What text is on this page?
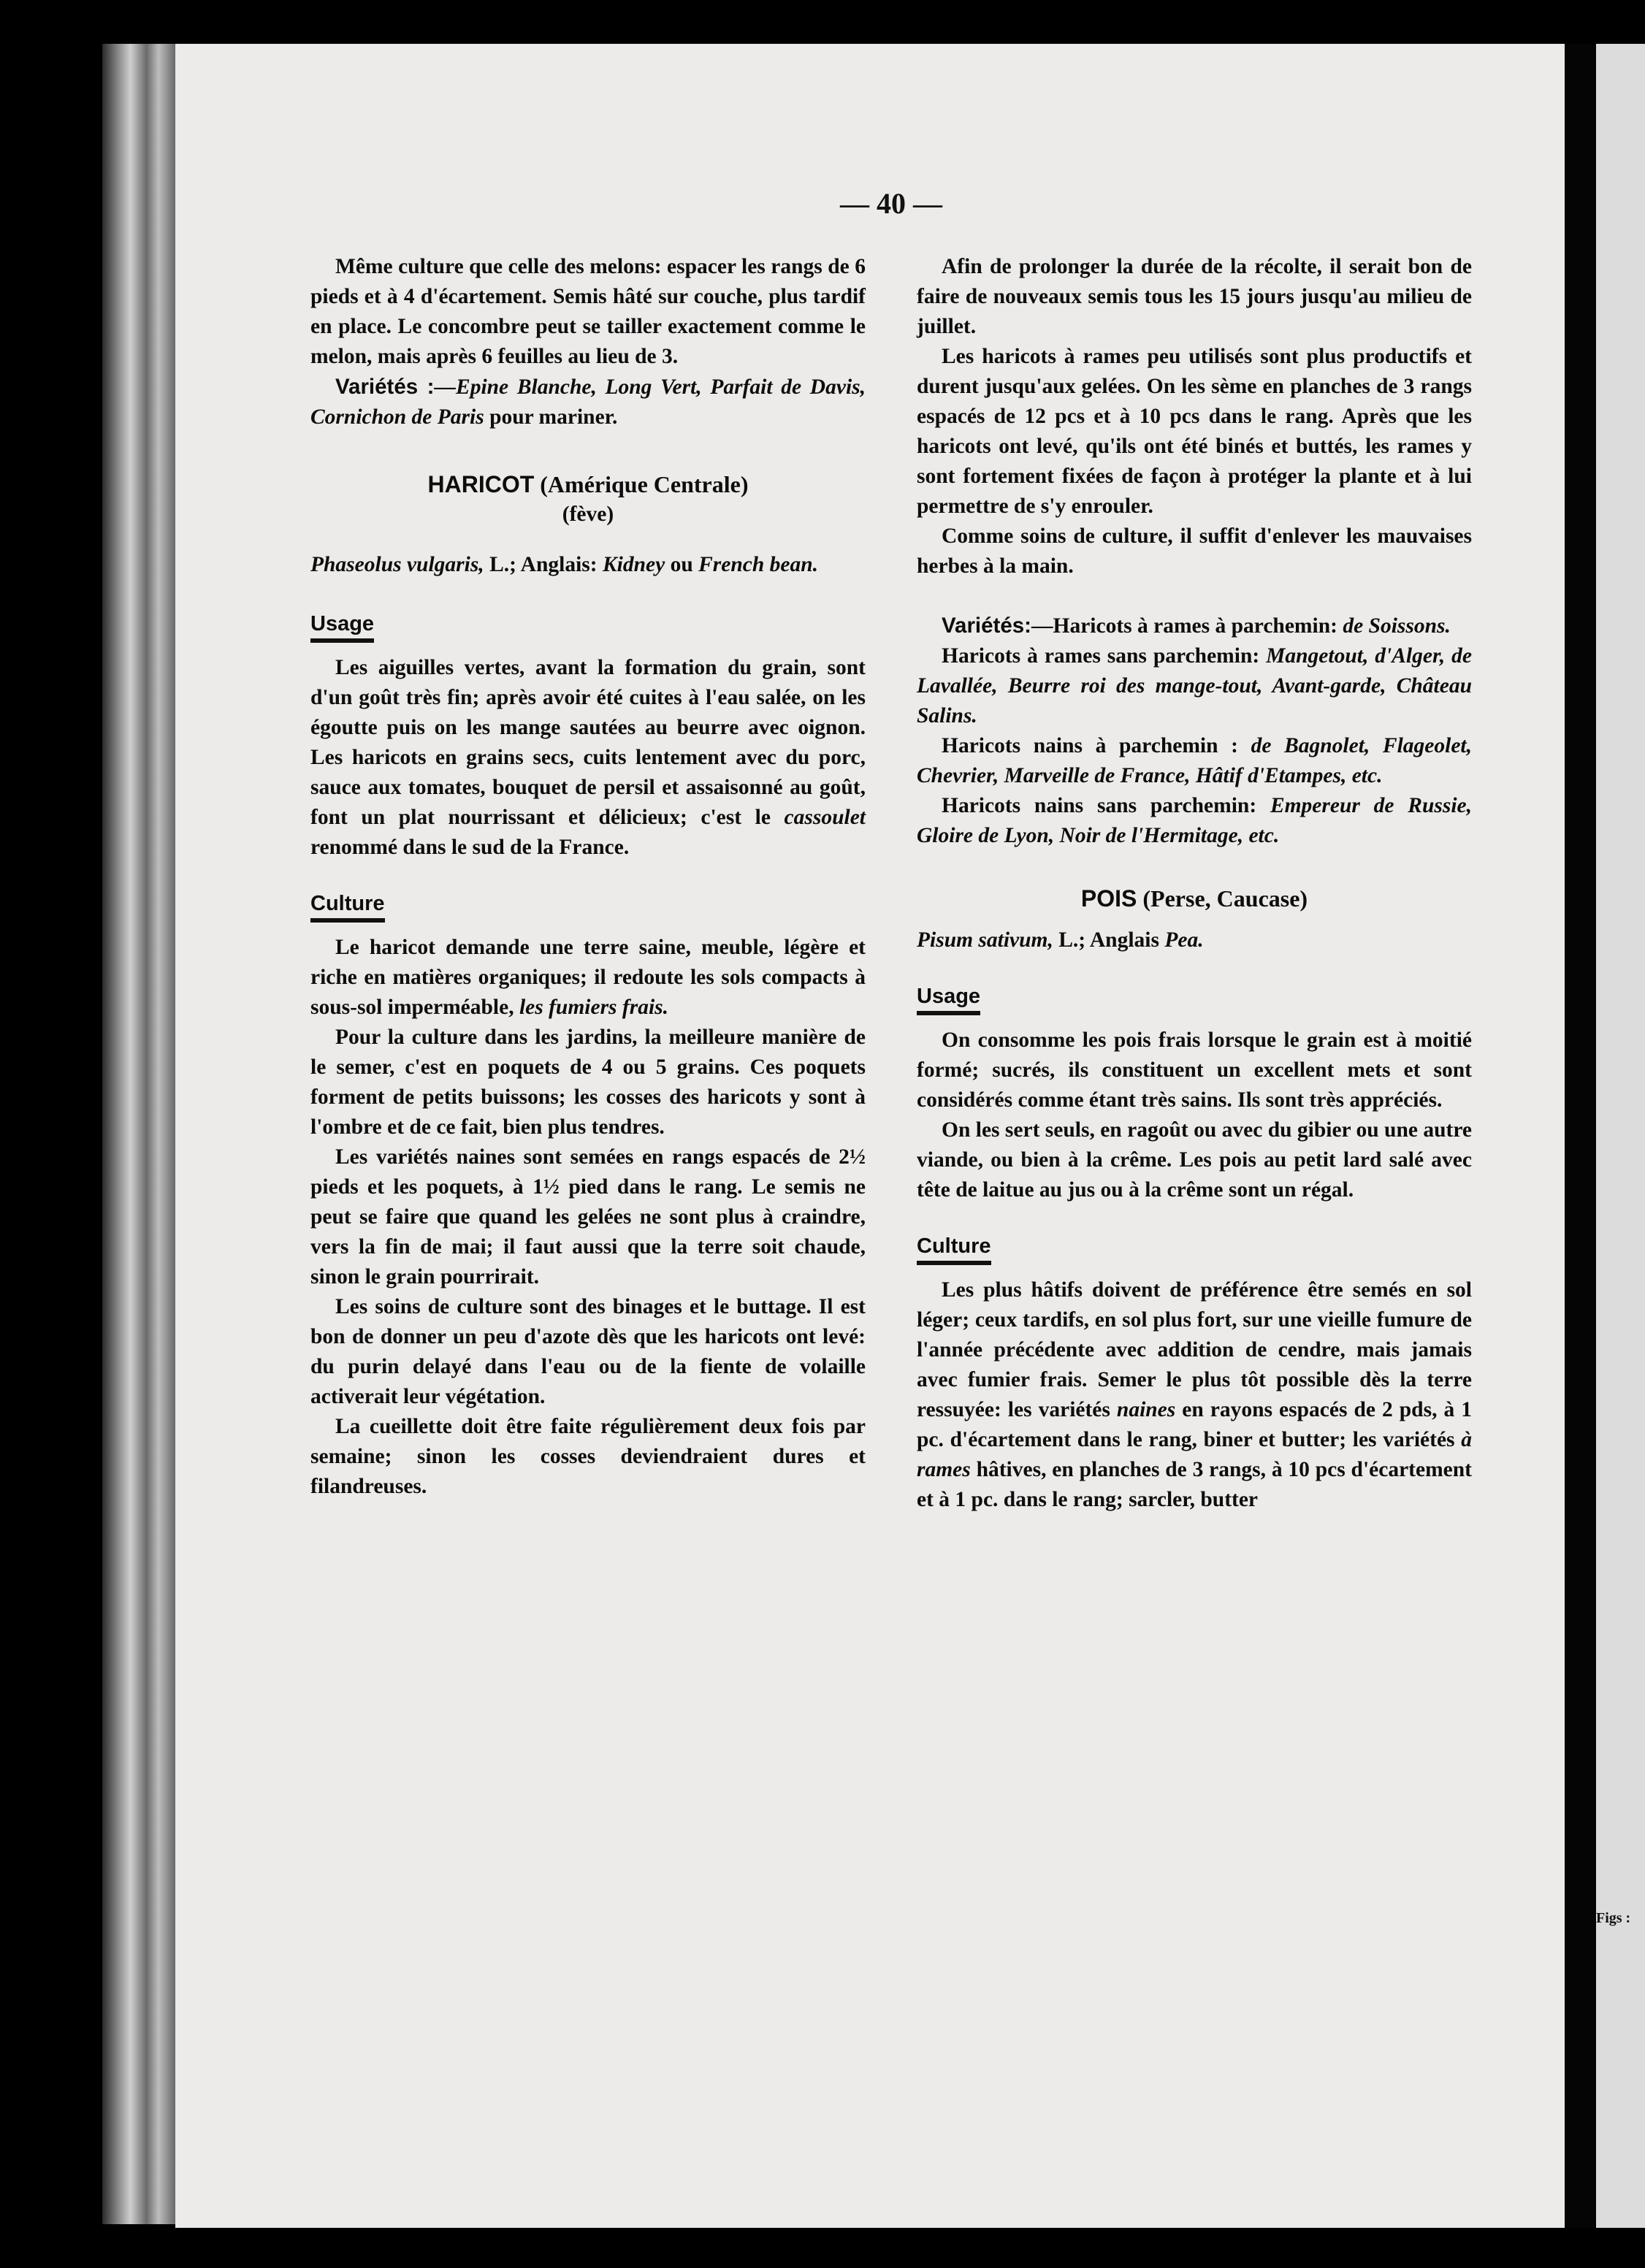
Figs :
— 40 —

Même culture que celle des melons: espacer les rangs de 6 pieds et à 4 d'écartement. Semis hâté sur couche, plus tardif en place. Le concombre peut se tailler exactement comme le melon, mais après 6 feuilles au lieu de 3.

Variétés :—Epine Blanche, Long Vert, Parfait de Davis, Cornichon de Paris pour mariner.

HARICOT (Amérique Centrale)
(fève)

Phaseolus vulgaris, L.; Anglais: Kidney ou French bean.

Usage

Les aiguilles vertes, avant la formation du grain, sont d'un goût très fin; après avoir été cuites à l'eau salée, on les égoutte puis on les mange sautées au beurre avec oignon. Les haricots en grains secs, cuits lentement avec du porc, sauce aux tomates, bouquet de persil et assaisonné au goût, font un plat nourrissant et délicieux; c'est le cassoulet renommé dans le sud de la France.

Culture

Le haricot demande une terre saine, meuble, légère et riche en matières organiques; il redoute les sols compacts à sous-sol imperméable, les fumiers frais.

Pour la culture dans les jardins, la meilleure manière de le semer, c'est en poquets de 4 ou 5 grains. Ces poquets forment de petits buissons; les cosses des haricots y sont à l'ombre et de ce fait, bien plus tendres.

Les variétés naines sont semées en rangs espacés de 2½ pieds et les poquets, à 1½ pied dans le rang. Le semis ne peut se faire que quand les gelées ne sont plus à craindre, vers la fin de mai; il faut aussi que la terre soit chaude, sinon le grain pourrirait.

Les soins de culture sont des binages et le buttage. Il est bon de donner un peu d'azote dès que les haricots ont levé: du purin delayé dans l'eau ou de la fiente de volaille activerait leur végétation.

La cueillette doit être faite régulièrement deux fois par semaine; sinon les cosses deviendraient dures et filandreuses.

Afin de prolonger la durée de la récolte, il serait bon de faire de nouveaux semis tous les 15 jours jusqu'au milieu de juillet.

Les haricots à rames peu utilisés sont plus productifs et durent jusqu'aux gelées. On les sème en planches de 3 rangs espacés de 12 pcs et à 10 pcs dans le rang. Après que les haricots ont levé, qu'ils ont été binés et buttés, les rames y sont fortement fixées de façon à protéger la plante et à lui permettre de s'y enrouler.

Comme soins de culture, il suffit d'enlever les mauvaises herbes à la main.

Variétés:—Haricots à rames à parchemin: de Soissons.

Haricots à rames sans parchemin: Mangetout, d'Alger, de Lavallée, Beurre roi des mange-tout, Avant-garde, Château Salins.

Haricots nains à parchemin : de Bagnolet, Flageolet, Chevrier, Marveille de France, Hâtif d'Etampes, etc.

Haricots nains sans parchemin: Empereur de Russie, Gloire de Lyon, Noir de l'Hermitage, etc.

POIS (Perse, Caucase)

Pisum sativum, L.; Anglais Pea.

Usage

On consomme les pois frais lorsque le grain est à moitié formé; sucrés, ils constituent un excellent mets et sont considérés comme étant très sains. Ils sont très appréciés.

On les sert seuls, en ragoût ou avec du gibier ou une autre viande, ou bien à la crême. Les pois au petit lard salé avec tête de laitue au jus ou à la crême sont un régal.

Culture

Les plus hâtifs doivent de préférence être semés en sol léger; ceux tardifs, en sol plus fort, sur une vieille fumure de l'année précédente avec addition de cendre, mais jamais avec fumier frais. Semer le plus tôt possible dès la terre ressuyée: les variétés naines en rayons espacés de 2 pds, à 1 pc. d'écartement dans le rang, biner et butter; les variétés à rames hâtives, en planches de 3 rangs, à 10 pcs d'écartement et à 1 pc. dans le rang; sarcler, butter
